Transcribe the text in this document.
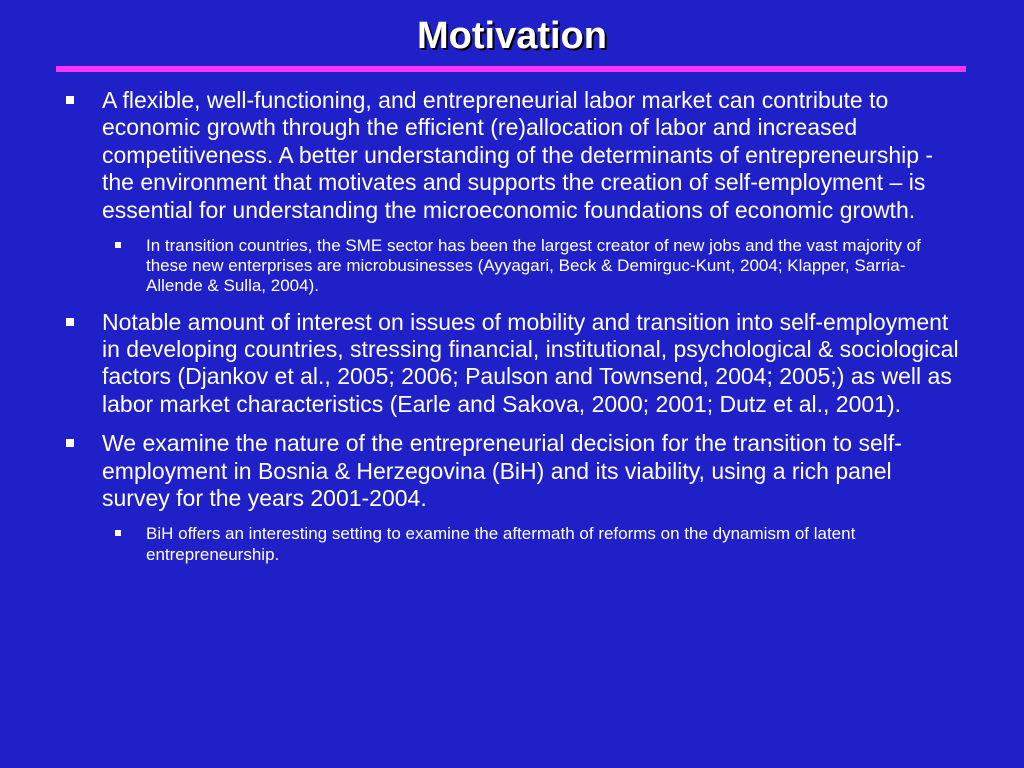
Motivation
A flexible, well-functioning, and entrepreneurial labor market can contribute to economic growth through the efficient (re)allocation of labor and increased competitiveness. A better understanding of the determinants of entrepreneurship - the environment that motivates and supports the creation of self-employment – is essential for understanding the microeconomic foundations of economic growth.
In transition countries, the SME sector has been the largest creator of new jobs and the vast majority of these new enterprises are microbusinesses (Ayyagari, Beck & Demirguc-Kunt, 2004; Klapper, Sarria-Allende & Sulla, 2004).
Notable amount of interest on issues of mobility and transition into self-employment in developing countries, stressing financial, institutional, psychological & sociological factors (Djankov et al., 2005; 2006; Paulson and Townsend, 2004; 2005;) as well as labor market characteristics (Earle and Sakova, 2000; 2001; Dutz et al., 2001).
We examine the nature of the entrepreneurial decision for the transition to self-employment in Bosnia & Herzegovina (BiH) and its viability, using a rich panel survey for the years 2001-2004.
BiH offers an interesting setting to examine the aftermath of reforms on the dynamism of latent entrepreneurship.
